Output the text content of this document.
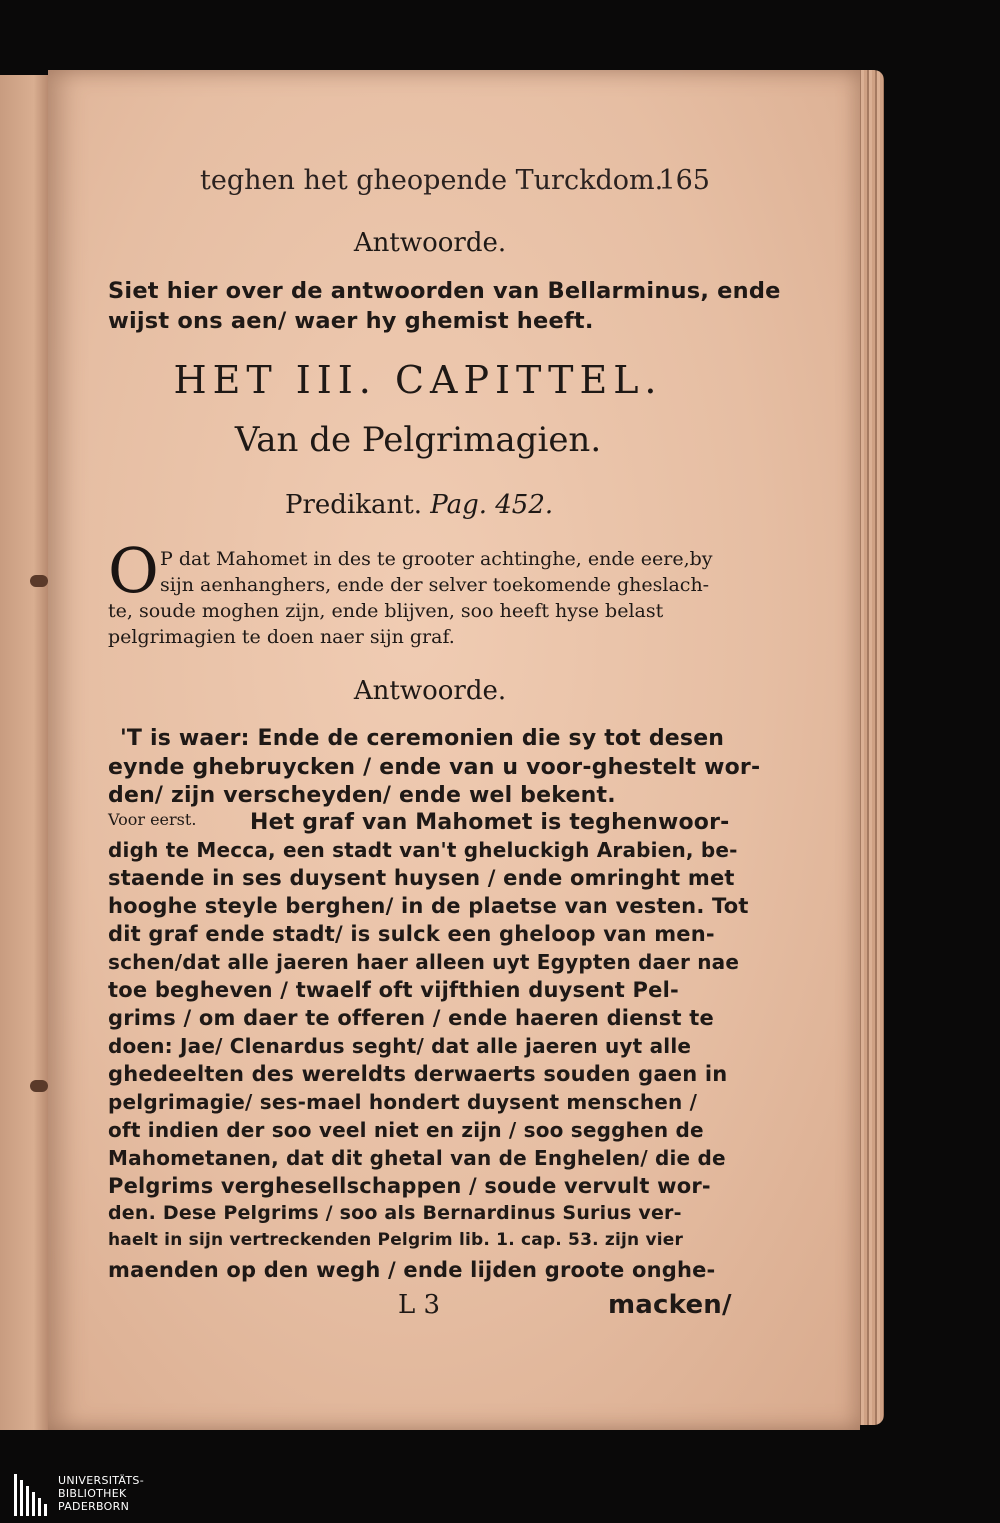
teghen het gheopende Turckdom.
165
Antwoorde.
Siet hier over de antwoorden van Bellarminus, ende
wijst ons aen/ waer hy ghemist heeft.
HET III. CAPITTEL.
Van de Pelgrimagien.
Predikant. Pag. 452.
O P dat Mahomet in des te grooter achtinghe, ende eere,by
sijn aenhanghers, ende der selver toekomende gheslach-
te, soude moghen zijn, ende blijven, soo heeft hyse belast
pelgrimagien te doen naer sijn graf.
Antwoorde.
Voor eerst.
'T is waer: Ende de ceremonien die sy tot desen
eynde ghebruycken / ende van u voor-ghestelt wor-
den/ zijn verscheyden/ ende wel bekent.
Het graf van Mahomet is teghenwoor-
digh te Mecca, een stadt van't gheluckigh Arabien, be-
staende in ses duysent huysen / ende omringht met
hooghe steyle berghen/ in de plaetse van vesten. Tot
dit graf ende stadt/ is sulck een gheloop van men-
schen/dat alle jaeren haer alleen uyt Egypten daer nae
toe begheven / twaelf oft vijfthien duysent Pel-
grims / om daer te offeren / ende haeren dienst te
doen: Jae/ Clenardus seght/ dat alle jaeren uyt alle
ghedeelten des wereldts derwaerts souden gaen in
pelgrimagie/ ses-mael hondert duysent menschen /
oft indien der soo veel niet en zijn / soo segghen de
Mahometanen, dat dit ghetal van de Enghelen/ die de
Pelgrims verghesellschappen / soude vervult wor-
den. Dese Pelgrims / soo als Bernardinus Surius ver-
haelt in sijn vertreckenden Pelgrim lib. 1. cap. 53. zijn vier
maenden op den wegh / ende lijden groote onghe-
L 3	macken/
UNIVERSITÄTS-
BIBLIOTHEK
PADERBORN
